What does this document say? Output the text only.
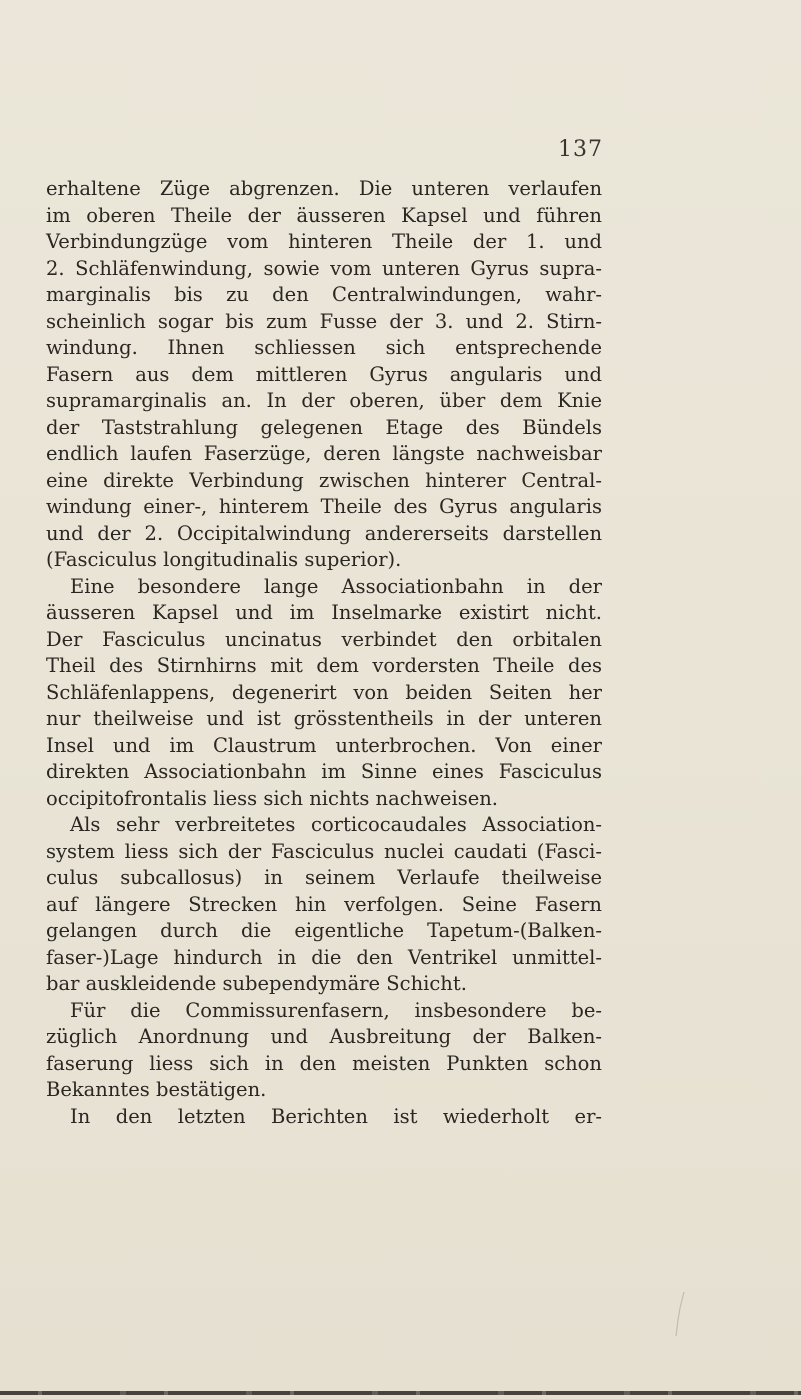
137
erhaltene Züge abgrenzen. Die unteren verlaufen
im oberen Theile der äusseren Kapsel und führen
Verbindungzüge vom hinteren Theile der 1. und
2. Schläfenwindung, sowie vom unteren Gyrus supra-
marginalis bis zu den Centralwindungen, wahr-
scheinlich sogar bis zum Fusse der 3. und 2. Stirn-
windung. Ihnen schliessen sich entsprechende
Fasern aus dem mittleren Gyrus angularis und
supramarginalis an. In der oberen, über dem Knie
der Taststrahlung gelegenen Etage des Bündels
endlich laufen Faserzüge, deren längste nachweisbar
eine direkte Verbindung zwischen hinterer Central-
windung einer-, hinterem Theile des Gyrus angularis
und der 2. Occipitalwindung andererseits darstellen
(Fasciculus longitudinalis superior).
Eine besondere lange Associationbahn in der
äusseren Kapsel und im Inselmarke existirt nicht.
Der Fasciculus uncinatus verbindet den orbitalen
Theil des Stirnhirns mit dem vordersten Theile des
Schläfenlappens, degenerirt von beiden Seiten her
nur theilweise und ist grösstentheils in der unteren
Insel und im Claustrum unterbrochen. Von einer
direkten Associationbahn im Sinne eines Fasciculus
occipitofrontalis liess sich nichts nachweisen.
Als sehr verbreitetes corticocaudales Association-
system liess sich der Fasciculus nuclei caudati (Fasci-
culus subcallosus) in seinem Verlaufe theilweise
auf längere Strecken hin verfolgen. Seine Fasern
gelangen durch die eigentliche Tapetum-(Balken-
faser-)Lage hindurch in die den Ventrikel unmittel-
bar auskleidende subependymäre Schicht.
Für die Commissurenfasern, insbesondere be-
züglich Anordnung und Ausbreitung der Balken-
faserung liess sich in den meisten Punkten schon
Bekanntes bestätigen.
In den letzten Berichten ist wiederholt er-
